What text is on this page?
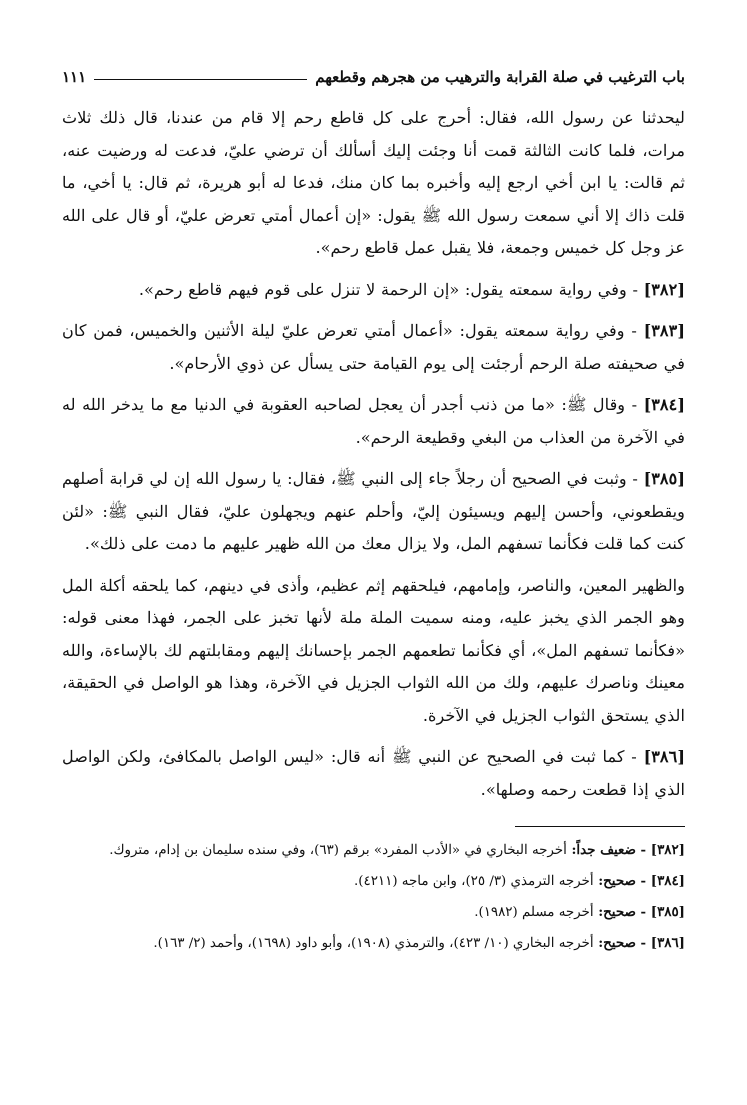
باب الترغيب في صلة القرابة والترهيب من هجرهم وقطعهم
١١١

ليحدثنا عن رسول الله، فقال: أحرج على كل قاطع رحم إلا قام من عندنا، قال ذلك ثلاث مرات، فلما كانت الثالثة قمت أنا وجئت إليك أسألك أن ترضي عليّ، فدعت له ورضيت عنه، ثم قالت: يا ابن أخي ارجع إليه وأخبره بما كان منك، فدعا له أبو هريرة، ثم قال: يا أخي، ما قلت ذاك إلا أني سمعت رسول الله ﷺ يقول: «إن أعمال أمتي تعرض عليّ، أو قال على الله عز وجل كل خميس وجمعة، فلا يقبل عمل قاطع رحم».

[٣٨٢] - وفي رواية سمعته يقول: «إن الرحمة لا تنزل على قوم فيهم قاطع رحم».

[٣٨٣] - وفي رواية سمعته يقول: «أعمال أمتي تعرض عليّ ليلة الأثنين والخميس، فمن كان في صحيفته صلة الرحم أرجئت إلى يوم القيامة حتى يسأل عن ذوي الأرحام».

[٣٨٤] - وقال ﷺ: «ما من ذنب أجدر أن يعجل لصاحبه العقوبة في الدنيا مع ما يدخر الله له في الآخرة من العذاب من البغي وقطيعة الرحم».

[٣٨٥] - وثبت في الصحيح أن رجلاً جاء إلى النبي ﷺ، فقال: يا رسول الله إن لي قرابة أصلهم ويقطعوني، وأحسن إليهم ويسيئون إليّ، وأحلم عنهم ويجهلون عليّ، فقال النبي ﷺ: «لئن كنت كما قلت فكأنما تسفهم المل، ولا يزال معك من الله ظهير عليهم ما دمت على ذلك».

والظهير المعين، والناصر، وإمامهم، فيلحقهم إثم عظيم، وأذى في دينهم، كما يلحقه أكلة المل وهو الجمر الذي يخبز عليه، ومنه سميت الملة ملة لأنها تخبز على الجمر، فهذا معنى قوله: «فكأنما تسفهم المل»، أي فكأنما تطعمهم الجمر بإحسانك إليهم ومقابلتهم لك بالإساءة، والله معينك وناصرك عليهم، ولك من الله الثواب الجزيل في الآخرة، وهذا هو الواصل في الحقيقة، الذي يستحق الثواب الجزيل في الآخرة.

[٣٨٦] - كما ثبت في الصحيح عن النبي ﷺ أنه قال: «ليس الواصل بالمكافئ، ولكن الواصل الذي إذا قطعت رحمه وصلها».

[٣٨٢] - ضعيف جداً: أخرجه البخاري في «الأدب المفرد» برقم (٦٣)، وفي سنده سليمان بن إدام، متروك.

[٣٨٤] - صحيح: أخرجه الترمذي (٣/ ٢٥)، وابن ماجه (٤٢١١).

[٣٨٥] - صحيح: أخرجه مسلم (١٩٨٢).

[٣٨٦] - صحيح: أخرجه البخاري (١٠/ ٤٢٣)، والترمذي (١٩٠٨)، وأبو داود (١٦٩٨)، وأحمد (٢/ ١٦٣).
